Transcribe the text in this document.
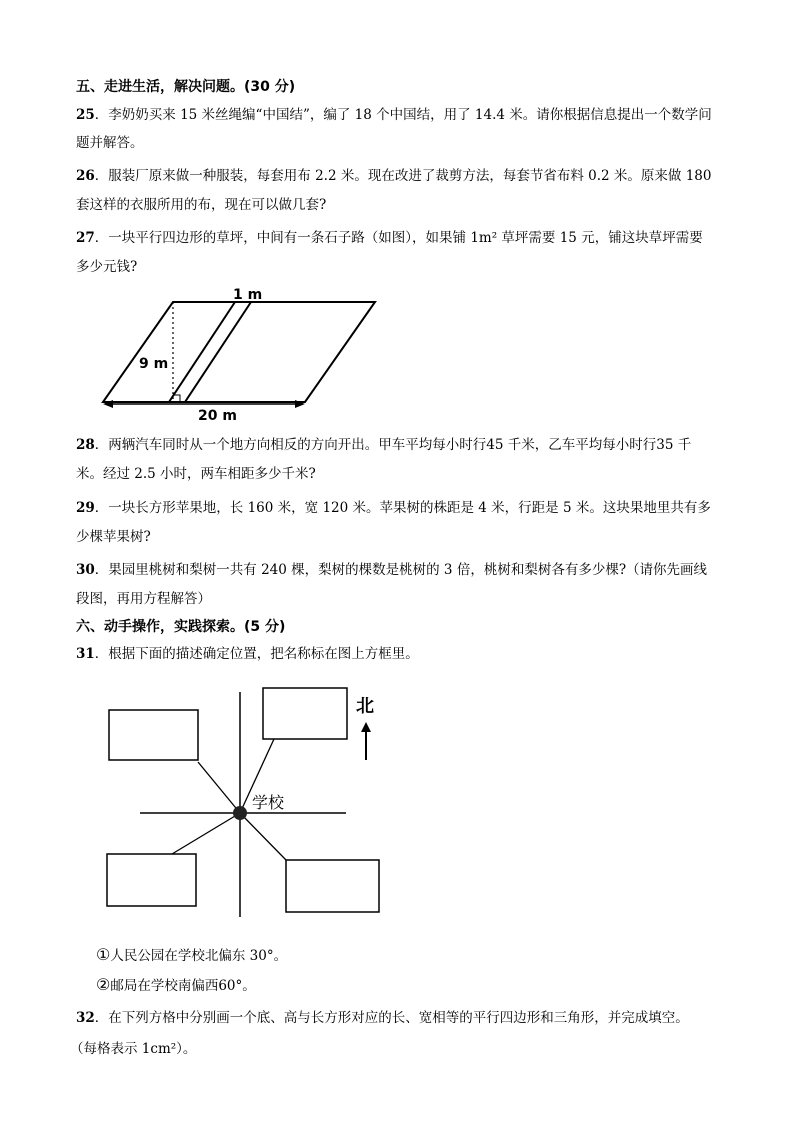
五、走进生活，解决问题。(30 分)
25．李奶奶买来 15 米丝绳编“中国结”，编了 18 个中国结，用了 14.4 米。请你根据信息提出一个数学问
题并解答。
26．服装厂原来做一种服装，每套用布 2.2 米。现在改进了裁剪方法，每套节省布料 0.2 米。原来做 180
套这样的衣服所用的布，现在可以做几套?
27．一块平行四边形的草坪，中间有一条石子路（如图），如果铺 1m² 草坪需要 15 元，铺这块草坪需要
多少元钱?
1 m
9 m
20 m
28．两辆汽车同时从一个地方向相反的方向开出。甲车平均每小时行45 千米，乙车平均每小时行35 千
米。经过 2.5 小时，两车相距多少千米?
29．一块长方形苹果地，长 160 米，宽 120 米。苹果树的株距是 4 米，行距是 5 米。这块果地里共有多
少棵苹果树?
30．果园里桃树和梨树一共有 240 棵，梨树的棵数是桃树的 3 倍，桃树和梨树各有多少棵?（请你先画线
段图，再用方程解答）
六、动手操作，实践探索。(5 分)
31．根据下面的描述确定位置，把名称标在图上方框里。
学校
北
①人民公园在学校北偏东 30°。
②邮局在学校南偏西60°。
32．在下列方格中分别画一个底、高与长方形对应的长、宽相等的平行四边形和三角形，并完成填空。
（每格表示 1cm²）。
